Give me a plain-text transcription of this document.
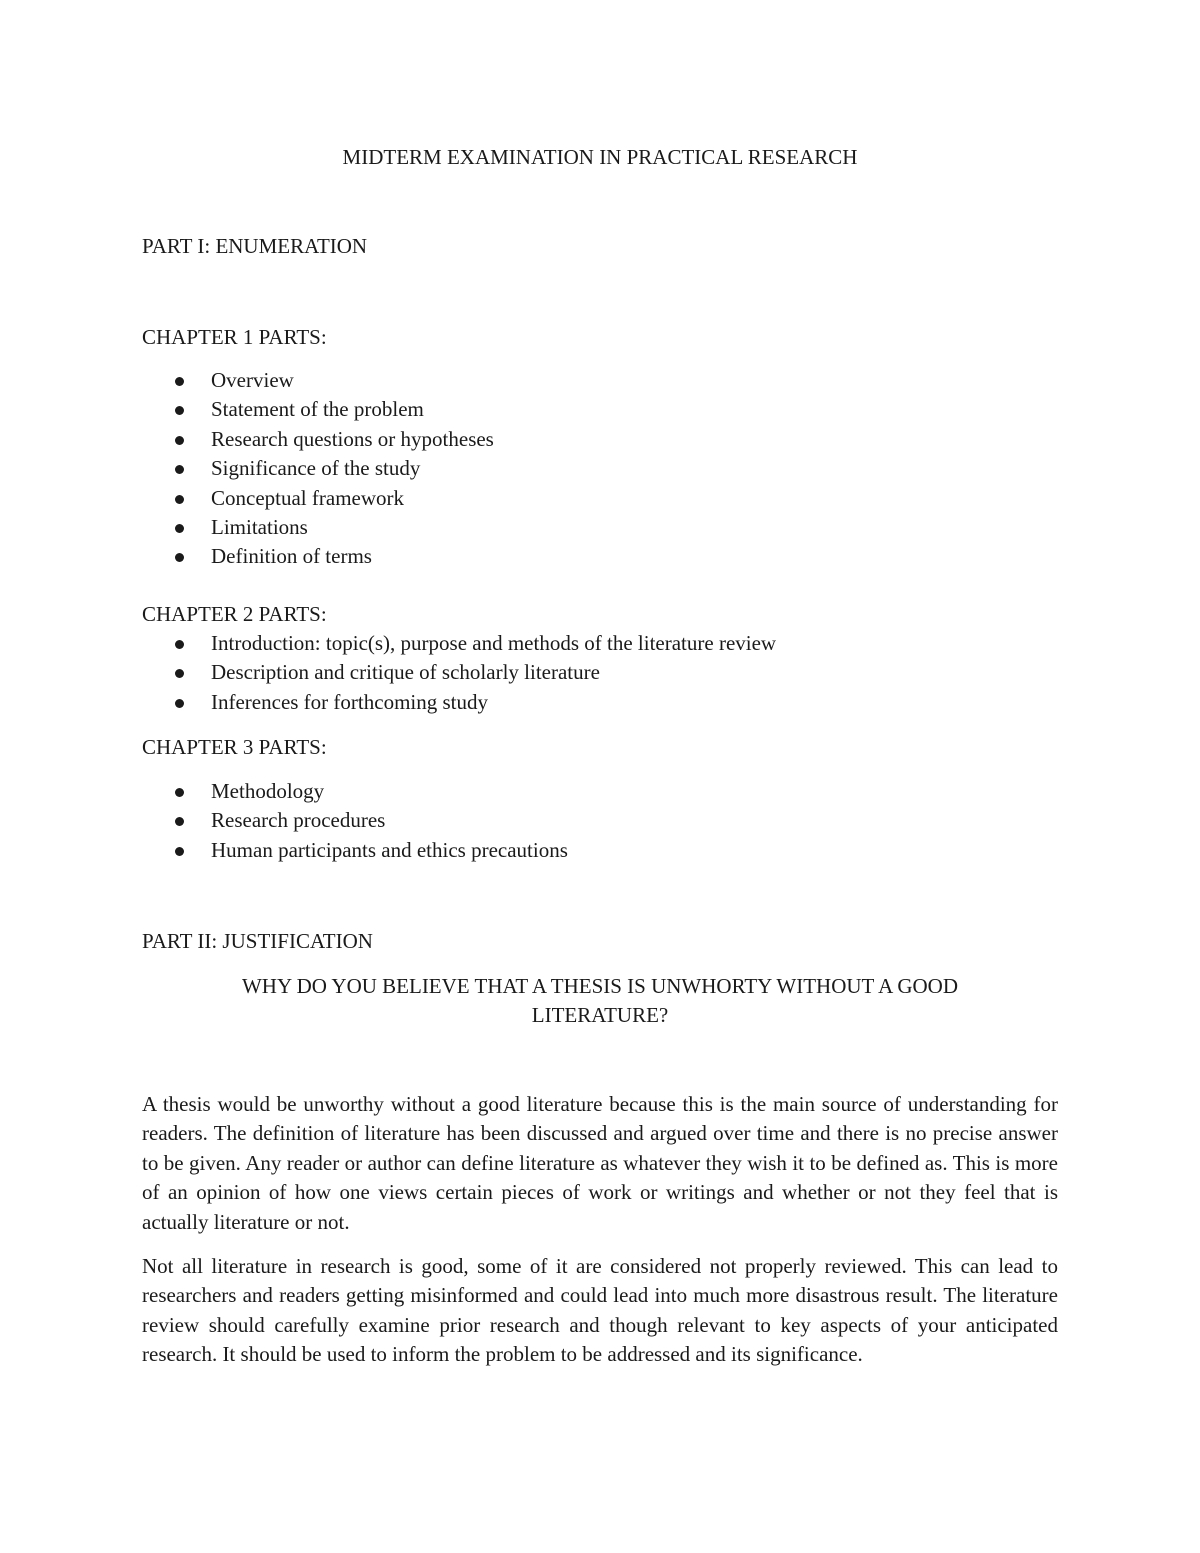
MIDTERM EXAMINATION IN PRACTICAL RESEARCH
PART I: ENUMERATION
CHAPTER 1 PARTS:
Overview
Statement of the problem
Research questions or hypotheses
Significance of the study
Conceptual framework
Limitations
Definition of terms
CHAPTER 2 PARTS:
Introduction: topic(s), purpose and methods of the literature review
Description and critique of scholarly literature
Inferences for forthcoming study
CHAPTER 3 PARTS:
Methodology
Research procedures
Human participants and ethics precautions
PART II: JUSTIFICATION
WHY DO YOU BELIEVE THAT A THESIS IS UNWHORTY WITHOUT A GOOD LITERATURE?

A thesis would be unworthy without a good literature because this is the main source of understanding for readers. The definition of literature has been discussed and argued over time and there is no precise answer to be given. Any reader or author can define literature as whatever they wish it to be defined as. This is more of an opinion of how one views certain pieces of work or writings and whether or not they feel that is actually literature or not.

Not all literature in research is good, some of it are considered not properly reviewed. This can lead to researchers and readers getting misinformed and could lead into much more disastrous result. The literature review should carefully examine prior research and though relevant to key aspects of your anticipated research. It should be used to inform the problem to be addressed and its significance.
